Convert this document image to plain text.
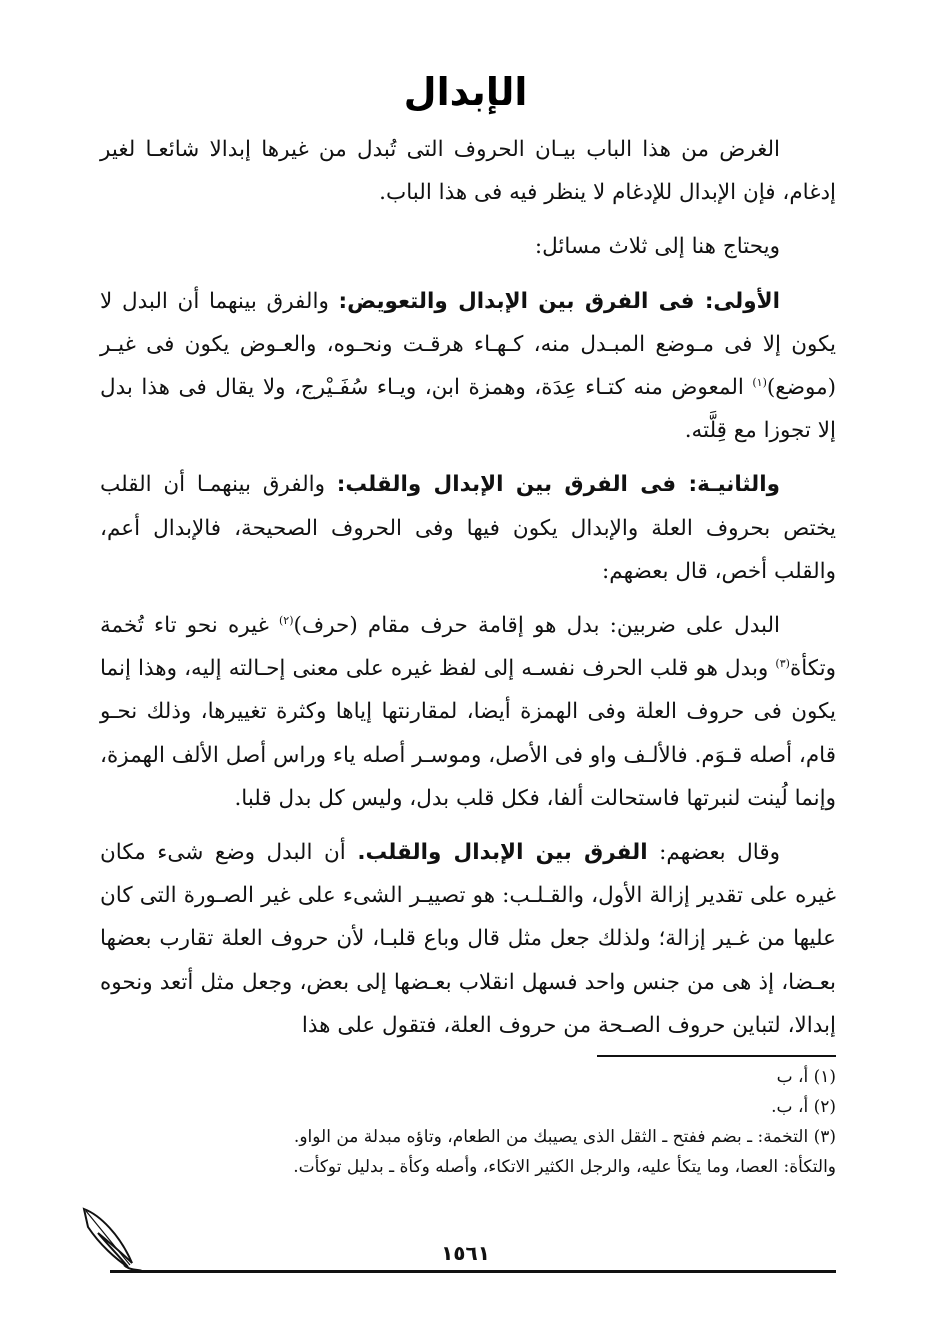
الإبدال

الغرض من هذا الباب بيـان الحروف التى تُبدل من غيرها إبدالا شائعـا لغير إدغام، فإن الإبدال للإدغام لا ينظر فيه فى هذا الباب.

ويحتاج هنا إلى ثلاث مسائل:

الأولى: فى الفرق بين الإبدال والتعويض: والفرق بينهما أن البدل لا يكون إلا فى مـوضع المبـدل منه، كـهـاء هرقـت ونحـوه، والعـوض يكون فى غيـر (موضع)$^{(١)}$ المعوض منه كتـاء عِدَة، وهمزة ابن، ويـاء سُفَـيْرج، ولا يقال فى هذا بدل إلا تجوزا مع قِلَّته.

والثانيـة: فى الفرق بين الإبدال والقلب: والفرق بينهمـا أن القلب يختص بحروف العلة والإبدال يكون فيها وفى الحروف الصحيحة، فالإبدال أعم، والقلب أخص، قال بعضهم:

البدل على ضربين: بدل هو إقامة حرف مقام (حرف)$^{(٢)}$ غيره نحو تاء تُخمة وتكأة$^{(٣)}$ وبدل هو قلب الحرف نفسـه إلى لفظ غيره على معنى إحـالته إليه، وهذا إنما يكون فى حروف العلة وفى الهمزة أيضا، لمقارنتها إياها وكثرة تغييرها، وذلك نحـو قام، أصله قـوَم. فالألـف واو فى الأصل، وموسـر أصله ياء وراس أصل الألف الهمزة، وإنما لُينت لنبرتها فاستحالت ألفا، فكل قلب بدل، وليس كل بدل قلبا.

وقال بعضهم: الفرق بين الإبدال والقلب. أن البدل وضع شىء مكان غيره على تقدير إزالة الأول، والقـلـب: هو تصييـر الشىء على غير الصـورة التى كان عليها من غـير إزالة؛ ولذلك جعل مثل قال وباع قلبـا، لأن حروف العلة تقارب بعضها بعـضا، إذ هى من جنس واحد فسهل انقلاب بعـضها إلى بعض، وجعل مثل أتعد ونحوه إبدالا، لتباين حروف الصـحة من حروف العلة، فتقول على هذا

(١) أ، ب
(٢) أ، ب.
(٣) التخمة: ـ بضم ففتح ـ الثقل الذى يصيبك من الطعام، وتاؤه مبدلة من الواو.
والتكأة: العصا، وما يتكأ عليه، والرجل الكثير الاتكاء، وأصله وكأة ـ بدليل توكأت.
١٥٦١
